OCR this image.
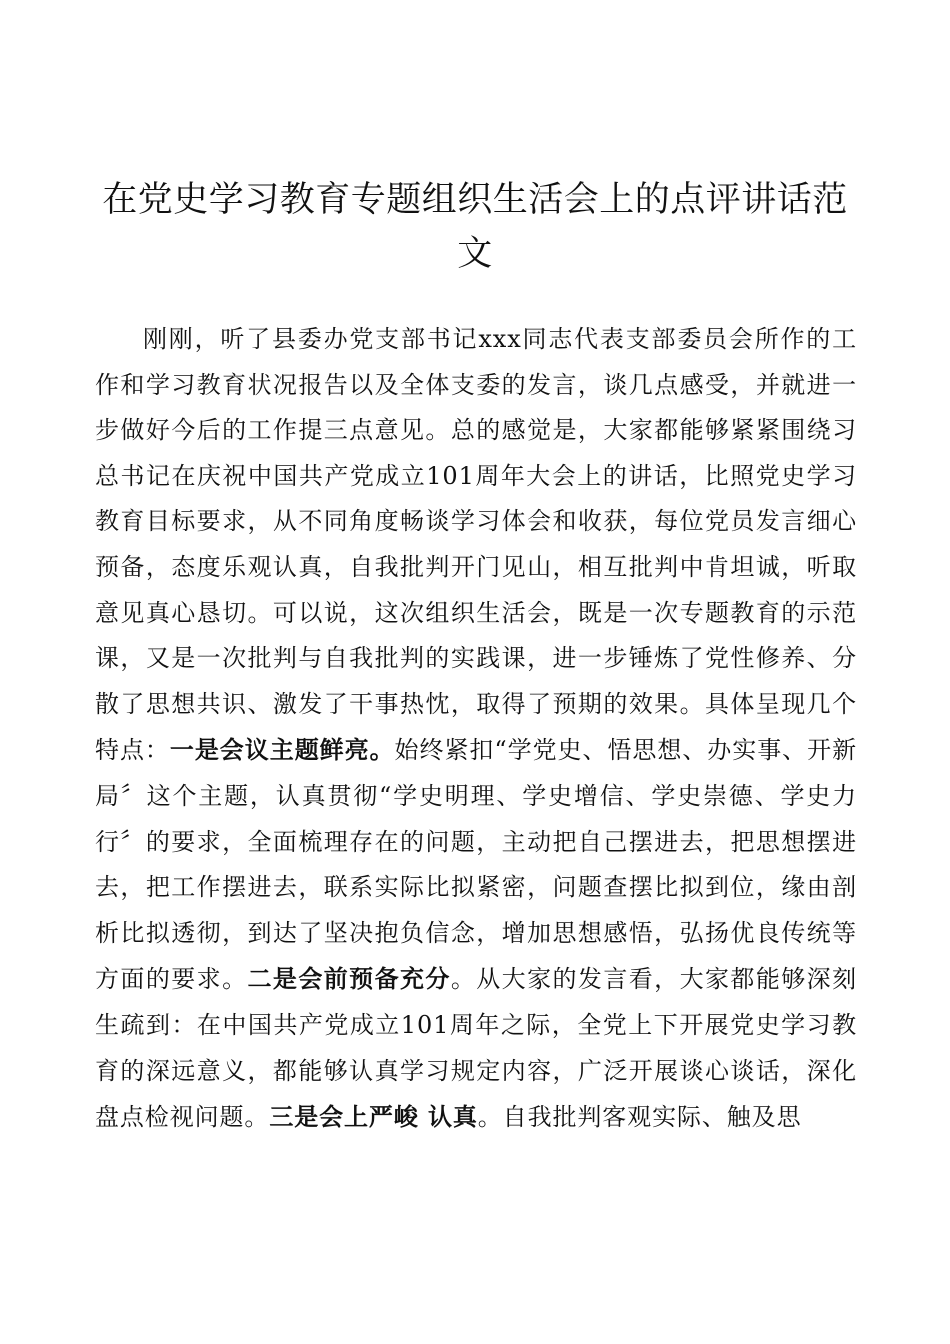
在党史学习教育专题组织生活会上的点评讲话范
文

刚刚，听了县委办党支部书记xxx同志代表支部委员会所作的工作和学习教育状况报告以及全体支委的发言，谈几点感受，并就进一步做好今后的工作提三点意见。总的感觉是，大家都能够紧紧围绕习总书记在庆祝中国共产党成立101周年大会上的讲话，比照党史学习教育目标要求，从不同角度畅谈学习体会和收获，每位党员发言细心预备，态度乐观认真，自我批判开门见山，相互批判中肯坦诚，听取意见真心恳切。可以说，这次组织生活会，既是一次专题教育的示范课，又是一次批判与自我批判的实践课，进一步锤炼了党性修养、分散了思想共识、激发了干事热忱，取得了预期的效果。具体呈现几个特点：一是会议主题鲜亮。始终紧扣“学党史、悟思想、办实事、开新局〞这个主题，认真贯彻“学史明理、学史增信、学史崇德、学史力行〞的要求，全面梳理存在的问题，主动把自己摆进去，把思想摆进去，把工作摆进去，联系实际比拟紧密，问题查摆比拟到位，缘由剖析比拟透彻，到达了坚决抱负信念，增加思想感悟，弘扬优良传统等方面的要求。二是会前预备充分。从大家的发言看，大家都能够深刻生疏到：在中国共产党成立101周年之际，全党上下开展党史学习教育的深远意义，都能够认真学习规定内容，广泛开展谈心谈话，深化盘点检视问题。三是会上严峻 认真。自我批判客观实际、触及思
